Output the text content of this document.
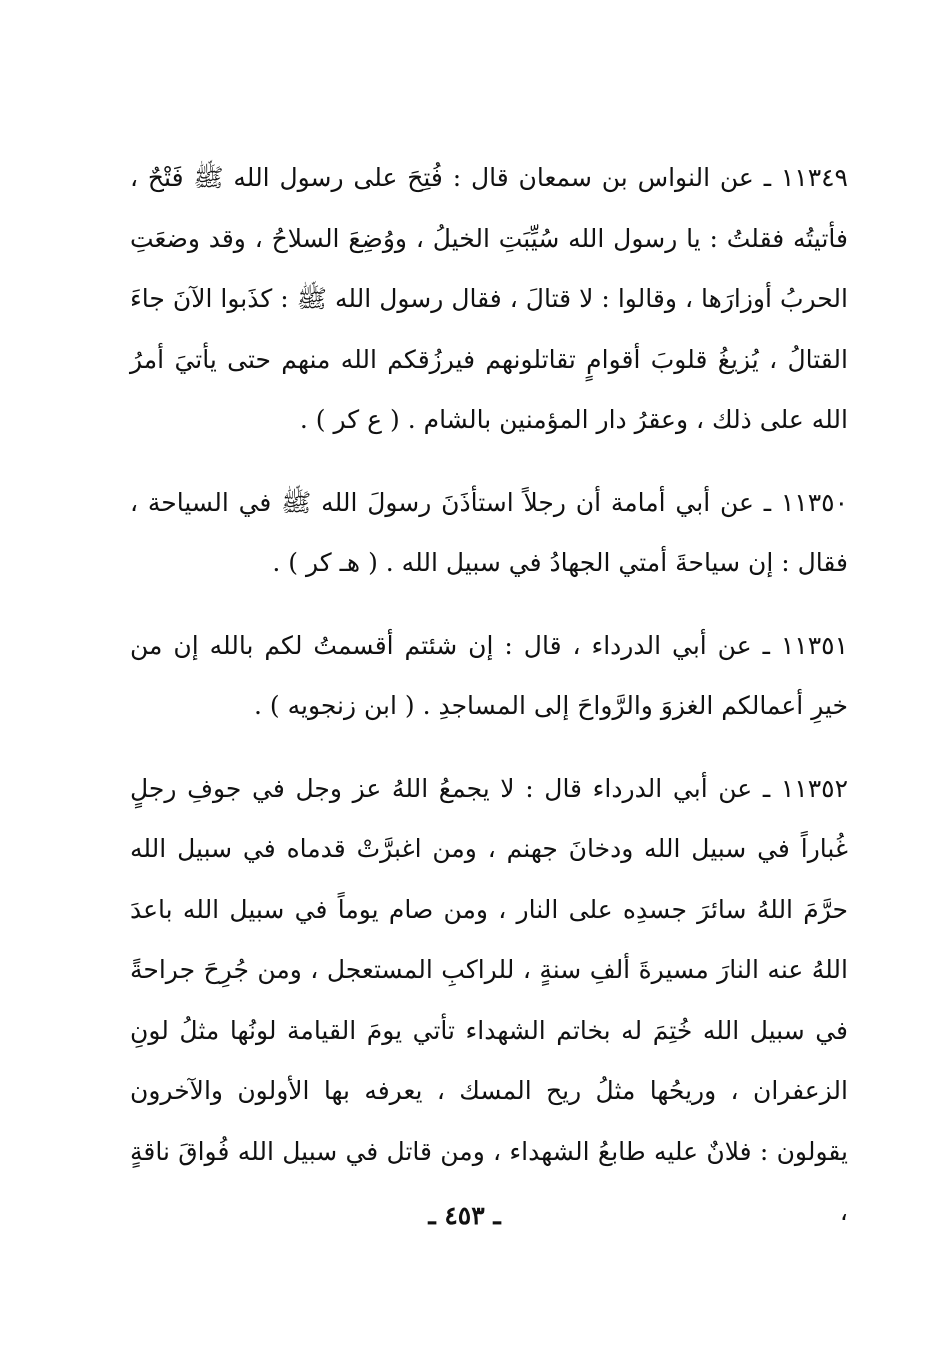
١١٣٤٩ ـ عن النواس بن سمعان قال : فُتِحَ على رسول الله ﷺ فَتْحٌ ، فأتيتُه فقلتُ : يا رسول الله سُيِّبَتِ الخيلُ ، ووُضِعَ السلاحُ ، وقد وضعَتِ الحربُ أوزارَها ، وقالوا : لا قتالَ ، فقال رسول الله ﷺ : كذَبوا الآنَ جاءَ القتالُ ، يُزيغُ قلوبَ أقوامٍ تقاتلونهم فيرزُقكم الله منهم حتى يأتيَ أمرُ الله على ذلك ، وعقرُ دار المؤمنين بالشام . ( ع كر ) .

١١٣٥٠ ـ عن أبي أمامة أن رجلاً استأذَنَ رسولَ الله ﷺ في السياحة ، فقال : إن سياحةَ أمتي الجهادُ في سبيل الله . ( هـ كر ) .

١١٣٥١ ـ عن أبي الدرداء ، قال : إن شئتم أقسمتُ لكم بالله إن من خيرِ أعمالكم الغزوَ والرَّواحَ إلى المساجدِ . ( ابن زنجويه ) .

١١٣٥٢ ـ عن أبي الدرداء قال : لا يجمعُ اللهُ عز وجل في جوفِ رجلٍ غُباراً في سبيل الله ودخانَ جهنم ، ومن اغبرَّتْ قدماه في سبيل الله حرَّمَ اللهُ سائرَ جسدِه على النار ، ومن صام يوماً في سبيل الله باعدَ اللهُ عنه النارَ مسيرةَ ألفِ سنةٍ ، للراكبِ المستعجل ، ومن جُرِحَ جراحةً في سبيل الله خُتِمَ له بخاتم الشهداء تأتي يومَ القيامة لونُها مثلُ لونِ الزعفران ، وريحُها مثلُ ريح المسك ، يعرفه بها الأولون والآخرون يقولون : فلانٌ عليه طابعُ الشهداء ، ومن قاتل في سبيل الله فُواقَ ناقةٍ ،

ـ ٤٥٣ ـ
